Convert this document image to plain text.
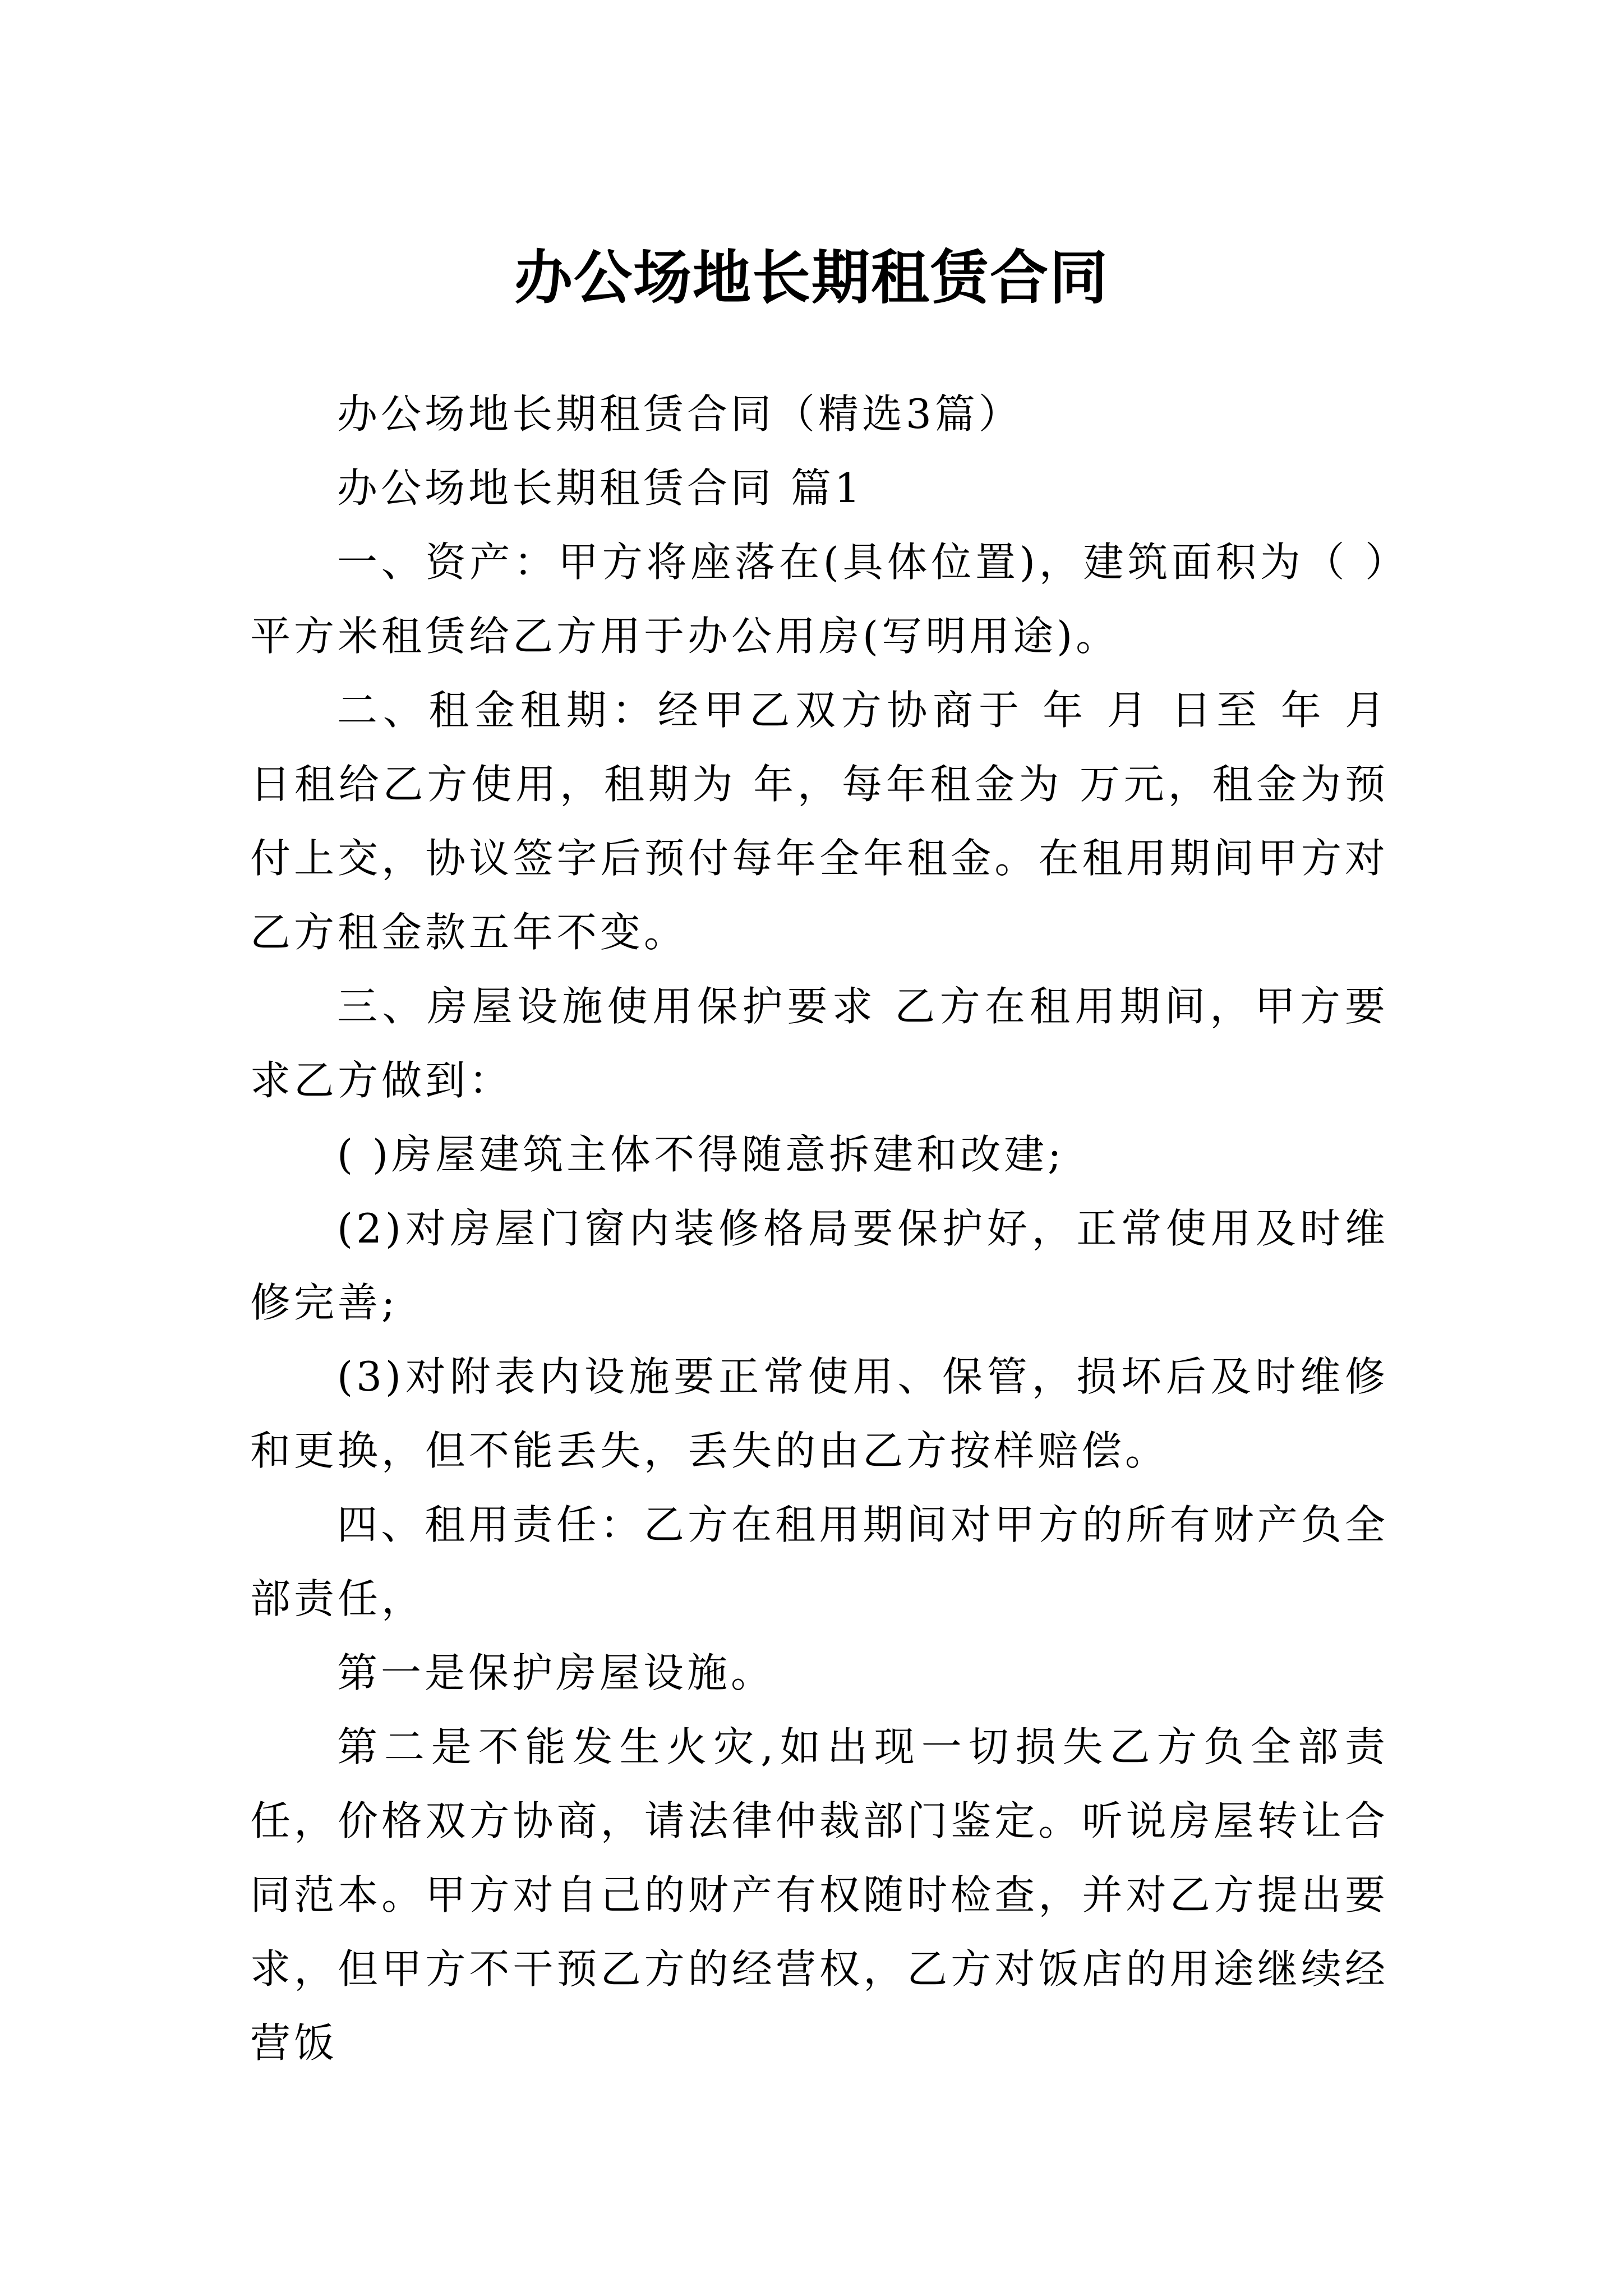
办公场地长期租赁合同

办公场地长期租赁合同（精选3篇）

办公场地长期租赁合同 篇1

一、资产：甲方将座落在(具体位置)，建筑面积为（ ）平方米租赁给乙方用于办公用房(写明用途)。

二、租金租期：经甲乙双方协商于 年 月 日至 年 月 日租给乙方使用，租期为 年，每年租金为 万元，租金为预付上交，协议签字后预付每年全年租金。在租用期间甲方对乙方租金款五年不变。

三、房屋设施使用保护要求 乙方在租用期间，甲方要求乙方做到：

( )房屋建筑主体不得随意拆建和改建;

(2)对房屋门窗内装修格局要保护好，正常使用及时维修完善;

(3)对附表内设施要正常使用、保管，损坏后及时维修和更换，但不能丢失，丢失的由乙方按样赔偿。

四、租用责任：乙方在租用期间对甲方的所有财产负全部责任，

第一是保护房屋设施。

第二是不能发生火灾,如出现一切损失乙方负全部责任，价格双方协商，请法律仲裁部门鉴定。听说房屋转让合同范本。甲方对自己的财产有权随时检查，并对乙方提出要求，但甲方不干预乙方的经营权，乙方对饭店的用途继续经营饭
